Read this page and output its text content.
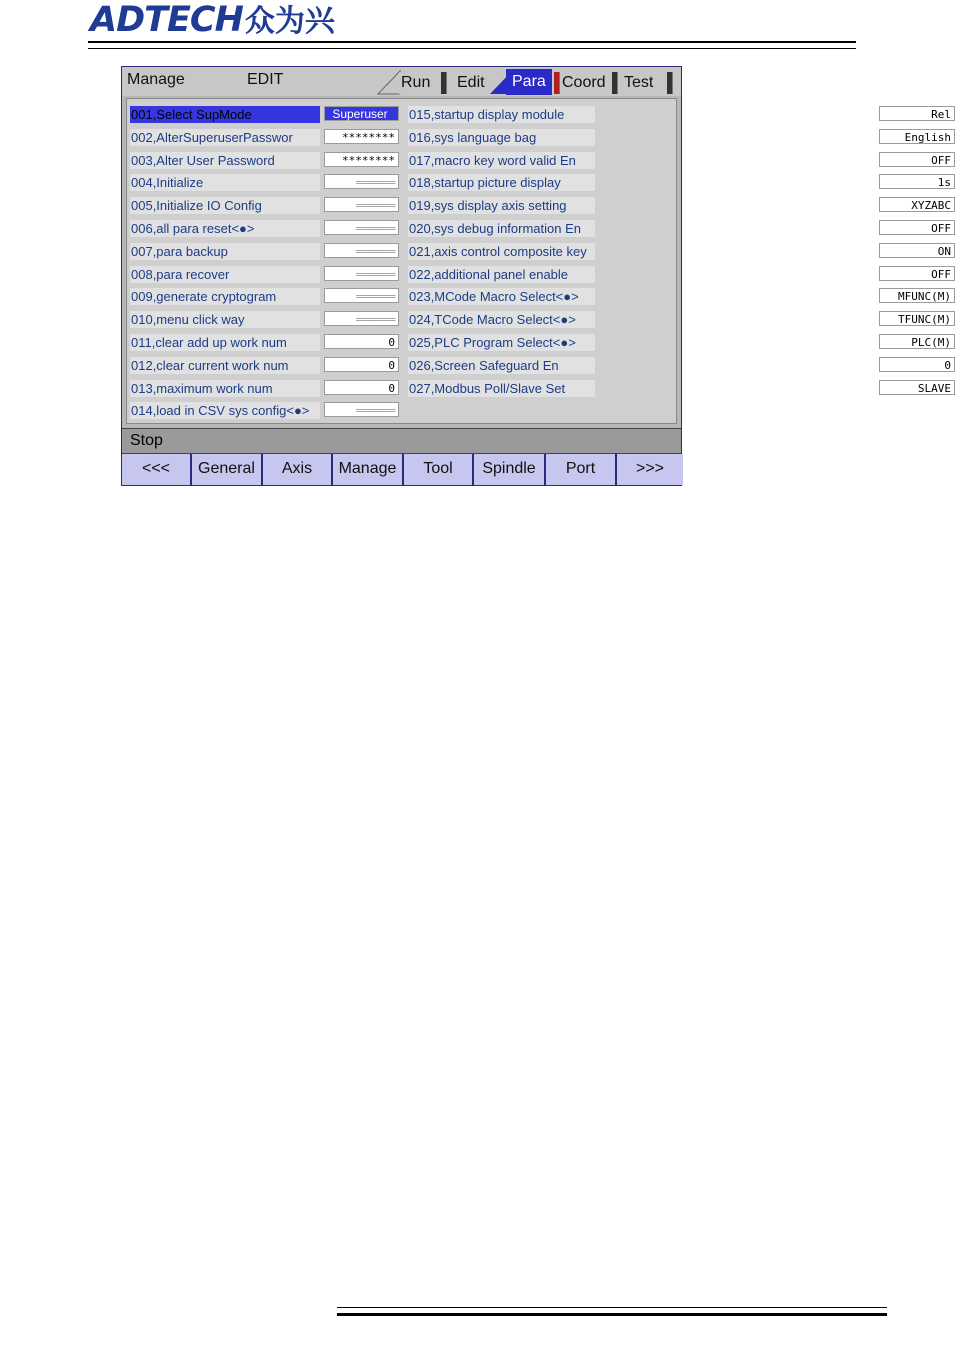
ADTECH众为兴
Manage	EDIT	Run Edit	Para	Coord Test
001,Select SupMode	Superuser
002,AlterSuperuserPasswor	********
003,Alter User Password	********
004,Initialize	=======
005,Initialize IO Config	=======
006,all para reset<●>	=======
007,para backup	=======
008,para recover	=======
009,generate cryptogram	=======
010,menu click way	=======
011,clear add up work num	0
012,clear current work num	0
013,maximum work num	0
014,load in CSV sys config<●>	=======
015,startup display module	Rel
016,sys language bag	English
017,macro key word valid En	OFF
018,startup picture display	1s
019,sys display axis setting	XYZABC
020,sys debug information En	OFF
021,axis control composite key	ON
022,additional panel enable	OFF
023,MCode Macro Select<●>	MFUNC(M)
024,TCode Macro Select<●>	TFUNC(M)
025,PLC Program Select<●>	PLC(M)
026,Screen Safeguard En	0
027,Modbus Poll/Slave Set	SLAVE
Stop
<<<	General	Axis	Manage	Tool	Spindle	Port	>>>
